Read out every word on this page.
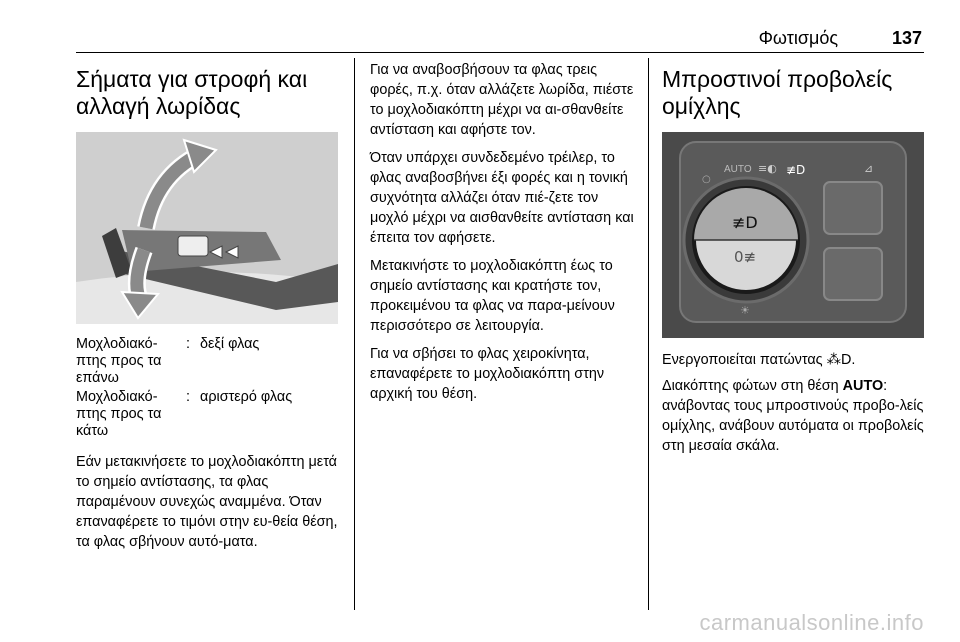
Φωτισμός	137
Σήματα για στροφή και αλλαγή λωρίδας
Μοχλοδιακό-πτης προς τα επάνω
: δεξί φλας
Μοχλοδιακό-πτης προς τα κάτω
: αριστερό φλας

Εάν μετακινήσετε το μοχλοδιακόπτη μετά το σημείο αντίστασης, τα φλας παραμένουν συνεχώς αναμμένα. Όταν επαναφέρετε το τιμόνι στην ευ-θεία θέση, τα φλας σβήνουν αυτό-ματα.

Για να αναβοσβήσουν τα φλας τρεις φορές, π.χ. όταν αλλάζετε λωρίδα, πιέστε το μοχλοδιακόπτη μέχρι να αι-σθανθείτε αντίσταση και αφήστε τον.

Όταν υπάρχει συνδεδεμένο τρέιλερ, το φλας αναβοσβήνει έξι φορές και η τονική συχνότητα αλλάζει όταν πιέ-ζετε τον μοχλό μέχρι να αισθανθείτε αντίσταση και έπειτα τον αφήσετε.

Μετακινήστε το μοχλοδιακόπτη έως το σημείο αντίστασης και κρατήστε τον, προκειμένου τα φλας να παρα-μείνουν περισσότερο σε λειτουργία.

Για να σβήσει το φλας χειροκίνητα, επαναφέρετε το μοχλοδιακόπτη στην αρχική του θέση.

Μπροστινοί προβολείς ομίχλης
≢D
0≢
AUTO ≡◐ ≢D
○
☀
⊿

Ενεργοποιείται πατώντας ⁂D.

Διακόπτης φώτων στη θέση AUTO: ανάβοντας τους μπροστινούς προβο-λείς ομίχλης, ανάβουν αυτόματα οι προβολείς στη μεσαία σκάλα.

carmanualsonline.info
